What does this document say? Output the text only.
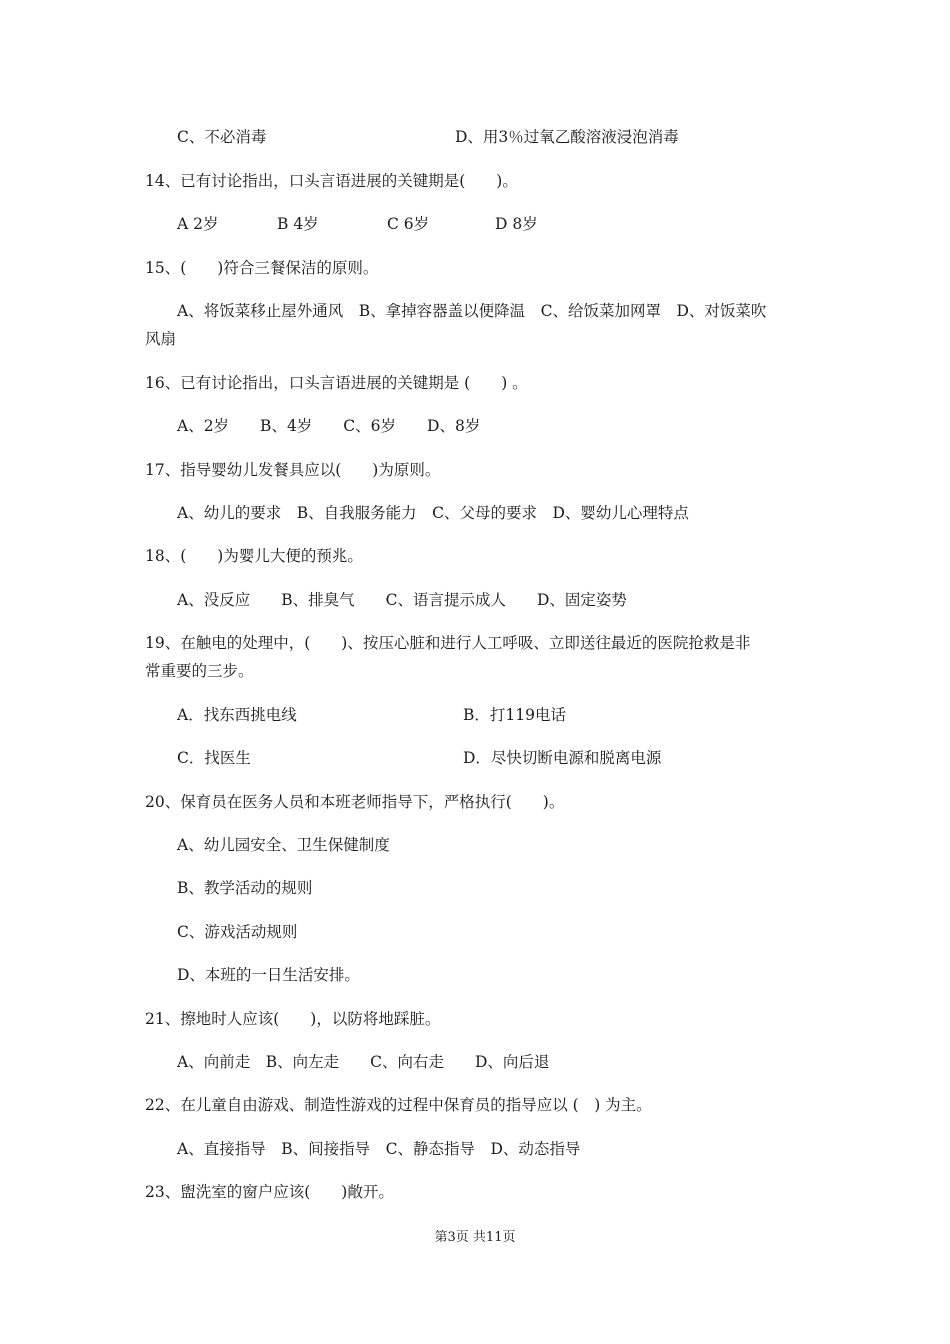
C、不必消毒	D、用3％过氧乙酸溶液浸泡消毒
14、已有讨论指出，口头言语进展的关键期是(　　)。
A 2岁	B 4岁	C 6岁	D 8岁
15、(　　)符合三餐保洁的原则。
A、将饭菜移止屋外通风　B、拿掉容器盖以便降温　C、给饭菜加网罩　D、对饭菜吹
风扇
16、已有讨论指出，口头言语进展的关键期是 (　　) 。
A、2岁　　B、4岁　　C、6岁　　D、8岁
17、指导婴幼儿发餐具应以(　　)为原则。
A、幼儿的要求　B、自我服务能力　C、父母的要求　D、婴幼儿心理特点
18、(　　)为婴儿大便的预兆。
A、没反应　　B、排臭气　　C、语言提示成人　　D、固定姿势
19、在触电的处理中，(　　)、按压心脏和进行人工呼吸、立即送往最近的医院抢救是非
常重要的三步。
A．找东西挑电线	B．打119电话
C．找医生	D．尽快切断电源和脱离电源
20、保育员在医务人员和本班老师指导下，严格执行(　　)。
A、幼儿园安全、卫生保健制度
B、教学活动的规则
C、游戏活动规则
D、本班的一日生活安排。
21、擦地时人应该(　　)，以防将地踩脏。
A、向前走　B、向左走　　C、向右走　　D、向后退
22、在儿童自由游戏、制造性游戏的过程中保育员的指导应以 (　) 为主。
A、直接指导　B、间接指导　C、静态指导　D、动态指导
23、盥洗室的窗户应该(　　)敞开。
第3页 共11页
